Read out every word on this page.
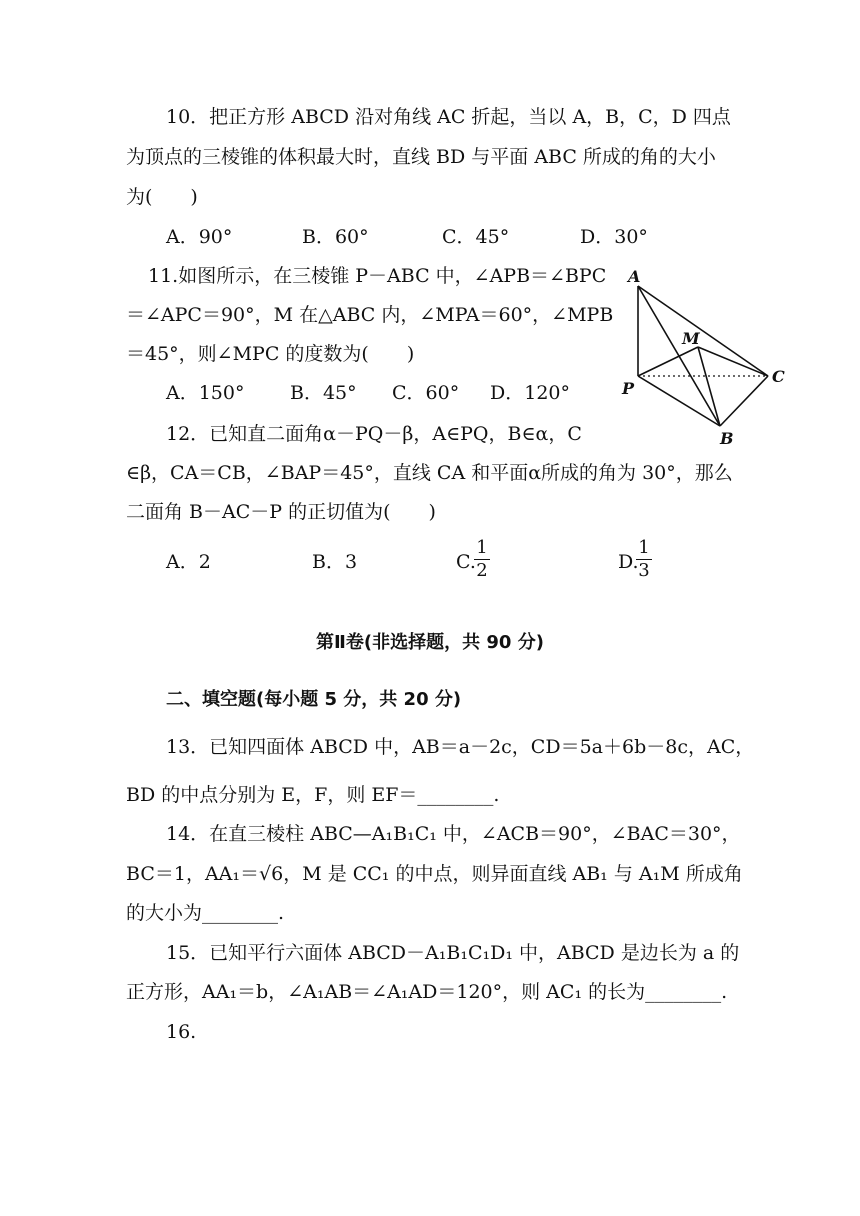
10．把正方形 ABCD 沿对角线 AC 折起，当以 A，B，C，D 四点
为顶点的三棱锥的体积最大时，直线 BD 与平面 ABC 所成的角的大小
为(　　)
A．90°	B．60°	C．45°	D．30°
11.如图所示，在三棱锥 P－ABC 中，∠APB＝∠BPC
＝∠APC＝90°，M 在△ABC 内，∠MPA＝60°，∠MPB
＝45°，则∠MPC 的度数为(　　)
A．150° B．45° C．60° D．120°
A
M
C
P
B
12．已知直二面角α－PQ－β，A∈PQ，B∈α，C
∈β，CA＝CB，∠BAP＝45°，直线 CA 和平面α所成的角为 30°，那么
二面角 B－AC－P 的正切值为(　　)
A．2	B．3	C.
$\frac{1}{2}$	D.
$\frac{1}{3}$
第Ⅱ卷(非选择题，共 90 分)
二、填空题(每小题 5 分，共 20 分)
13．已知四面体 ABCD 中，AB＝a－2c，CD＝5a＋6b－8c，AC，
BD 的中点分别为 E，F，则 EF＝________.
14．在直三棱柱 ABC—A₁B₁C₁ 中，∠ACB＝90°，∠BAC＝30°，
BC＝1，AA₁＝√6，M 是 CC₁ 的中点，则异面直线 AB₁ 与 A₁M 所成角
的大小为________.
15．已知平行六面体 ABCD－A₁B₁C₁D₁ 中，ABCD 是边长为 a 的
正方形，AA₁＝b，∠A₁AB＝∠A₁AD＝120°，则 AC₁ 的长为________.
16.
